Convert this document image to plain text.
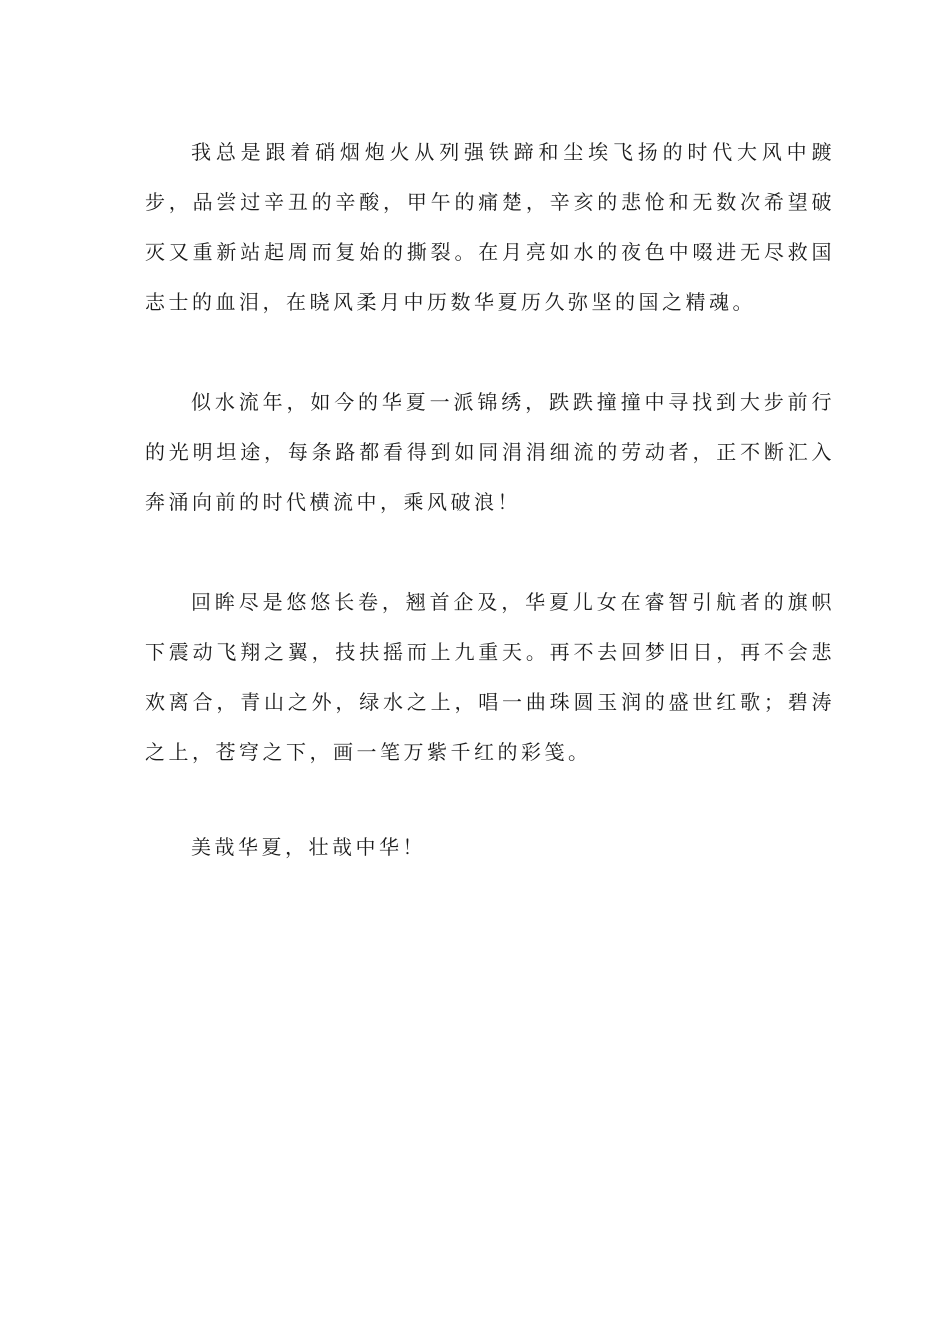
我总是跟着硝烟炮火从列强铁蹄和尘埃飞扬的时代大风中踱步，品尝过辛丑的辛酸，甲午的痛楚，辛亥的悲怆和无数次希望破灭又重新站起周而复始的撕裂。在月亮如水的夜色中啜进无尽救国志士的血泪，在晓风柔月中历数华夏历久弥坚的国之精魂。

似水流年，如今的华夏一派锦绣，跌跌撞撞中寻找到大步前行的光明坦途，每条路都看得到如同涓涓细流的劳动者，正不断汇入奔涌向前的时代横流中，乘风破浪！

回眸尽是悠悠长卷，翘首企及，华夏儿女在睿智引航者的旗帜下震动飞翔之翼，技扶摇而上九重天。再不去回梦旧日，再不会悲欢离合，青山之外，绿水之上，唱一曲珠圆玉润的盛世红歌；碧涛之上，苍穹之下，画一笔万紫千红的彩笺。

美哉华夏，壮哉中华！
